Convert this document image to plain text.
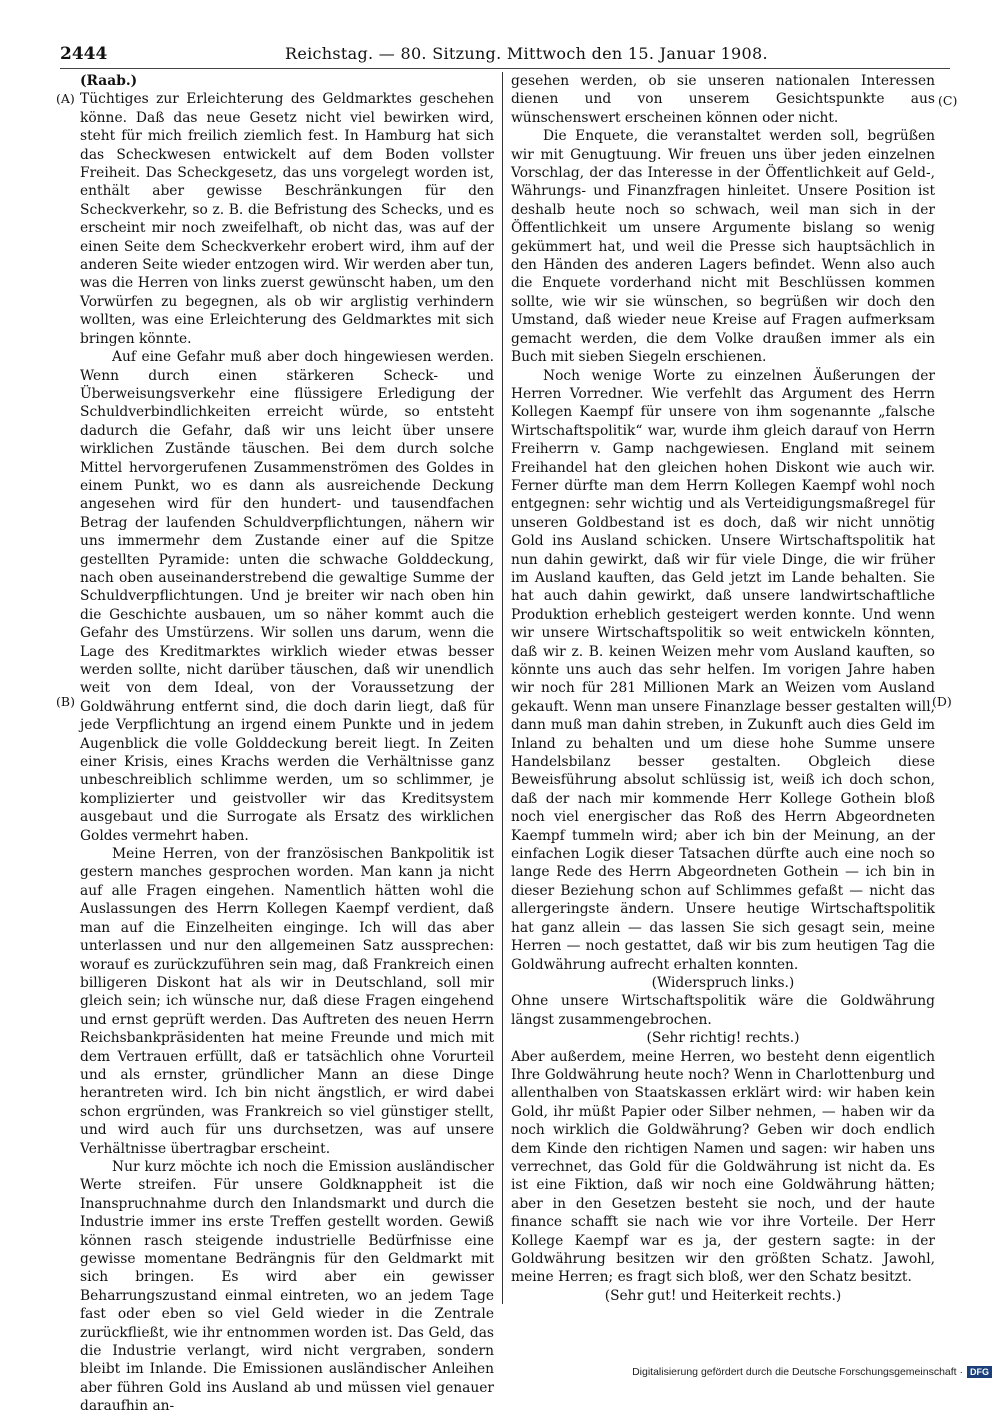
2444	Reichstag. — 80. Sitzung. Mittwoch den 15. Januar 1908.
(A)
(B)
(C)
(D)

(Raab.)

Tüchtiges zur Erleichterung des Geldmarktes geschehen könne. Daß das neue Gesetz nicht viel bewirken wird, steht für mich freilich ziemlich fest. In Hamburg hat sich das Scheckwesen entwickelt auf dem Boden vollster Freiheit. Das Scheckgesetz, das uns vorgelegt worden ist, enthält aber gewisse Beschränkungen für den Scheckverkehr, so z. B. die Befristung des Schecks, und es erscheint mir noch zweifelhaft, ob nicht das, was auf der einen Seite dem Scheckverkehr erobert wird, ihm auf der anderen Seite wieder entzogen wird. Wir werden aber tun, was die Herren von links zuerst gewünscht haben, um den Vorwürfen zu begegnen, als ob wir arglistig verhindern wollten, was eine Erleichterung des Geldmarktes mit sich bringen könnte.

Auf eine Gefahr muß aber doch hingewiesen werden. Wenn durch einen stärkeren Scheck- und Überweisungsverkehr eine flüssigere Erledigung der Schuldverbindlichkeiten erreicht würde, so entsteht dadurch die Gefahr, daß wir uns leicht über unsere wirklichen Zustände täuschen. Bei dem durch solche Mittel hervorgerufenen Zusammenströmen des Goldes in einem Punkt, wo es dann als ausreichende Deckung angesehen wird für den hundert- und tausendfachen Betrag der laufenden Schuldverpflichtungen, nähern wir uns immermehr dem Zustande einer auf die Spitze gestellten Pyramide: unten die schwache Golddeckung, nach oben auseinanderstrebend die gewaltige Summe der Schuldverpflichtungen. Und je breiter wir nach oben hin die Geschichte ausbauen, um so näher kommt auch die Gefahr des Umstürzens. Wir sollen uns darum, wenn die Lage des Kreditmarktes wirklich wieder etwas besser werden sollte, nicht darüber täuschen, daß wir unendlich weit von dem Ideal, von der Voraussetzung der Goldwährung entfernt sind, die doch darin liegt, daß für jede Verpflichtung an irgend einem Punkte und in jedem Augenblick die volle Golddeckung bereit liegt. In Zeiten einer Krisis, eines Krachs werden die Verhältnisse ganz unbeschreiblich schlimme werden, um so schlimmer, je komplizierter und geistvoller wir das Kreditsystem ausgebaut und die Surrogate als Ersatz des wirklichen Goldes vermehrt haben.

Meine Herren, von der französischen Bankpolitik ist gestern manches gesprochen worden. Man kann ja nicht auf alle Fragen eingehen. Namentlich hätten wohl die Auslassungen des Herrn Kollegen Kaempf verdient, daß man auf die Einzelheiten einginge. Ich will das aber unterlassen und nur den allgemeinen Satz aussprechen: worauf es zurückzuführen sein mag, daß Frankreich einen billigeren Diskont hat als wir in Deutschland, soll mir gleich sein; ich wünsche nur, daß diese Fragen eingehend und ernst geprüft werden. Das Auftreten des neuen Herrn Reichsbankpräsidenten hat meine Freunde und mich mit dem Vertrauen erfüllt, daß er tatsächlich ohne Vorurteil und als ernster, gründlicher Mann an diese Dinge herantreten wird. Ich bin nicht ängstlich, er wird dabei schon ergründen, was Frankreich so viel günstiger stellt, und wird auch für uns durchsetzen, was auf unsere Verhältnisse übertragbar erscheint.

Nur kurz möchte ich noch die Emission ausländischer Werte streifen. Für unsere Goldknappheit ist die Inanspruchnahme durch den Inlandsmarkt und durch die Industrie immer ins erste Treffen gestellt worden. Gewiß können rasch steigende industrielle Bedürfnisse eine gewisse momentane Bedrängnis für den Geldmarkt mit sich bringen. Es wird aber ein gewisser Beharrungszustand einmal eintreten, wo an jedem Tage fast oder eben so viel Geld wieder in die Zentrale zurückfließt, wie ihr entnommen worden ist. Das Geld, das die Industrie verlangt, wird nicht vergraben, sondern bleibt im Inlande. Die Emissionen ausländischer Anleihen aber führen Gold ins Ausland ab und müssen viel genauer daraufhin an-

gesehen werden, ob sie unseren nationalen Interessen dienen und von unserem Gesichtspunkte aus wünschenswert erscheinen können oder nicht.

Die Enquete, die veranstaltet werden soll, begrüßen wir mit Genugtuung. Wir freuen uns über jeden einzelnen Vorschlag, der das Interesse in der Öffentlichkeit auf Geld-, Währungs- und Finanzfragen hinleitet. Unsere Position ist deshalb heute noch so schwach, weil man sich in der Öffentlichkeit um unsere Argumente bislang so wenig gekümmert hat, und weil die Presse sich hauptsächlich in den Händen des anderen Lagers befindet. Wenn also auch die Enquete vorderhand nicht mit Beschlüssen kommen sollte, wie wir sie wünschen, so begrüßen wir doch den Umstand, daß wieder neue Kreise auf Fragen aufmerksam gemacht werden, die dem Volke draußen immer als ein Buch mit sieben Siegeln erschienen.

Noch wenige Worte zu einzelnen Äußerungen der Herren Vorredner. Wie verfehlt das Argument des Herrn Kollegen Kaempf für unsere von ihm sogenannte „falsche Wirtschaftspolitik“ war, wurde ihm gleich darauf von Herrn Freiherrn v. Gamp nachgewiesen. England mit seinem Freihandel hat den gleichen hohen Diskont wie auch wir. Ferner dürfte man dem Herrn Kollegen Kaempf wohl noch entgegnen: sehr wichtig und als Verteidigungsmaßregel für unseren Goldbestand ist es doch, daß wir nicht unnötig Gold ins Ausland schicken. Unsere Wirtschaftspolitik hat nun dahin gewirkt, daß wir für viele Dinge, die wir früher im Ausland kauften, das Geld jetzt im Lande behalten. Sie hat auch dahin gewirkt, daß unsere landwirtschaftliche Produktion erheblich gesteigert werden konnte. Und wenn wir unsere Wirtschaftspolitik so weit entwickeln könnten, daß wir z. B. keinen Weizen mehr vom Ausland kauften, so könnte uns auch das sehr helfen. Im vorigen Jahre haben wir noch für 281 Millionen Mark an Weizen vom Ausland gekauft. Wenn man unsere Finanzlage besser gestalten will, dann muß man dahin streben, in Zukunft auch dies Geld im Inland zu behalten und um diese hohe Summe unsere Handelsbilanz besser gestalten. Obgleich diese Beweisführung absolut schlüssig ist, weiß ich doch schon, daß der nach mir kommende Herr Kollege Gothein bloß noch viel energischer das Roß des Herrn Abgeordneten Kaempf tummeln wird; aber ich bin der Meinung, an der einfachen Logik dieser Tatsachen dürfte auch eine noch so lange Rede des Herrn Abgeordneten Gothein — ich bin in dieser Beziehung schon auf Schlimmes gefaßt — nicht das allergeringste ändern. Unsere heutige Wirtschaftspolitik hat ganz allein — das lassen Sie sich gesagt sein, meine Herren — noch gestattet, daß wir bis zum heutigen Tag die Goldwährung aufrecht erhalten konnten.

(Widerspruch links.)

Ohne unsere Wirtschaftspolitik wäre die Goldwährung längst zusammengebrochen.

(Sehr richtig! rechts.)

Aber außerdem, meine Herren, wo besteht denn eigentlich Ihre Goldwährung heute noch? Wenn in Charlottenburg und allenthalben von Staatskassen erklärt wird: wir haben kein Gold, ihr müßt Papier oder Silber nehmen, — haben wir da noch wirklich die Goldwährung? Geben wir doch endlich dem Kinde den richtigen Namen und sagen: wir haben uns verrechnet, das Gold für die Goldwährung ist nicht da. Es ist eine Fiktion, daß wir noch eine Goldwährung hätten; aber in den Gesetzen besteht sie noch, und der haute finance schafft sie nach wie vor ihre Vorteile. Der Herr Kollege Kaempf war es ja, der gestern sagte: in der Goldwährung besitzen wir den größten Schatz. Jawohl, meine Herren; es fragt sich bloß, wer den Schatz besitzt.

(Sehr gut! und Heiterkeit rechts.)

Digitalisierung gefördert durch die Deutsche Forschungsgemeinschaft · DFG
